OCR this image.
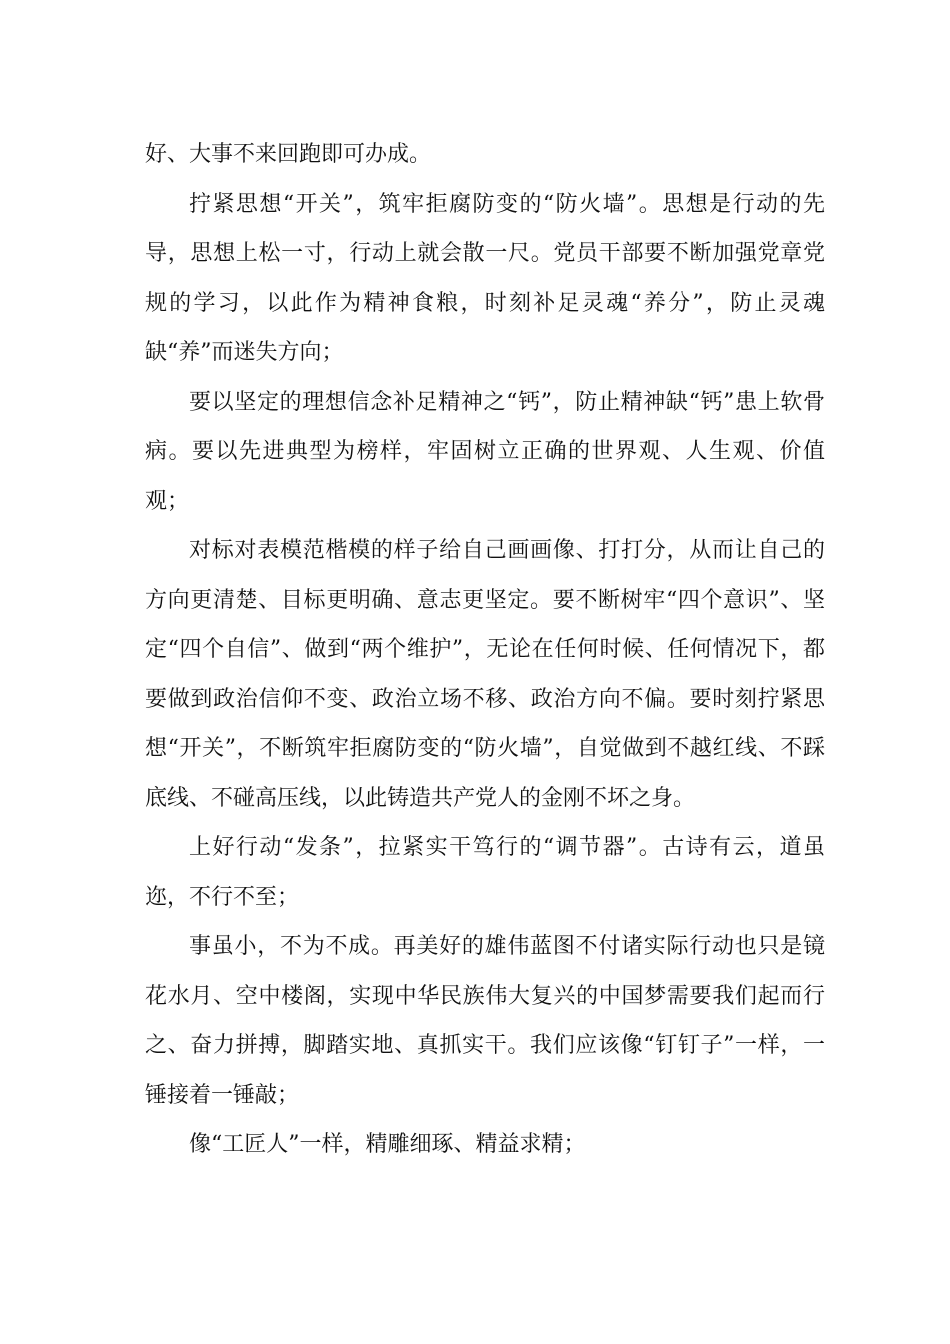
好、大事不来回跑即可办成。

拧紧思想“开关”，筑牢拒腐防变的“防火墙”。思想是行动的先导，思想上松一寸，行动上就会散一尺。党员干部要不断加强党章党规的学习，以此作为精神食粮，时刻补足灵魂“养分”，防止灵魂缺“养”而迷失方向；

要以坚定的理想信念补足精神之“钙”，防止精神缺“钙”患上软骨病。要以先进典型为榜样，牢固树立正确的世界观、人生观、价值观；

对标对表模范楷模的样子给自己画画像、打打分，从而让自己的方向更清楚、目标更明确、意志更坚定。要不断树牢“四个意识”、坚定“四个自信”、做到“两个维护”，无论在任何时候、任何情况下，都要做到政治信仰不变、政治立场不移、政治方向不偏。要时刻拧紧思想“开关”，不断筑牢拒腐防变的“防火墙”，自觉做到不越红线、不踩底线、不碰高压线，以此铸造共产党人的金刚不坏之身。

上好行动“发条”，拉紧实干笃行的“调节器”。古诗有云，道虽迩，不行不至；

事虽小，不为不成。再美好的雄伟蓝图不付诸实际行动也只是镜花水月、空中楼阁，实现中华民族伟大复兴的中国梦需要我们起而行之、奋力拼搏，脚踏实地、真抓实干。我们应该像“钉钉子”一样，一锤接着一锤敲；

像“工匠人”一样，精雕细琢、精益求精；
